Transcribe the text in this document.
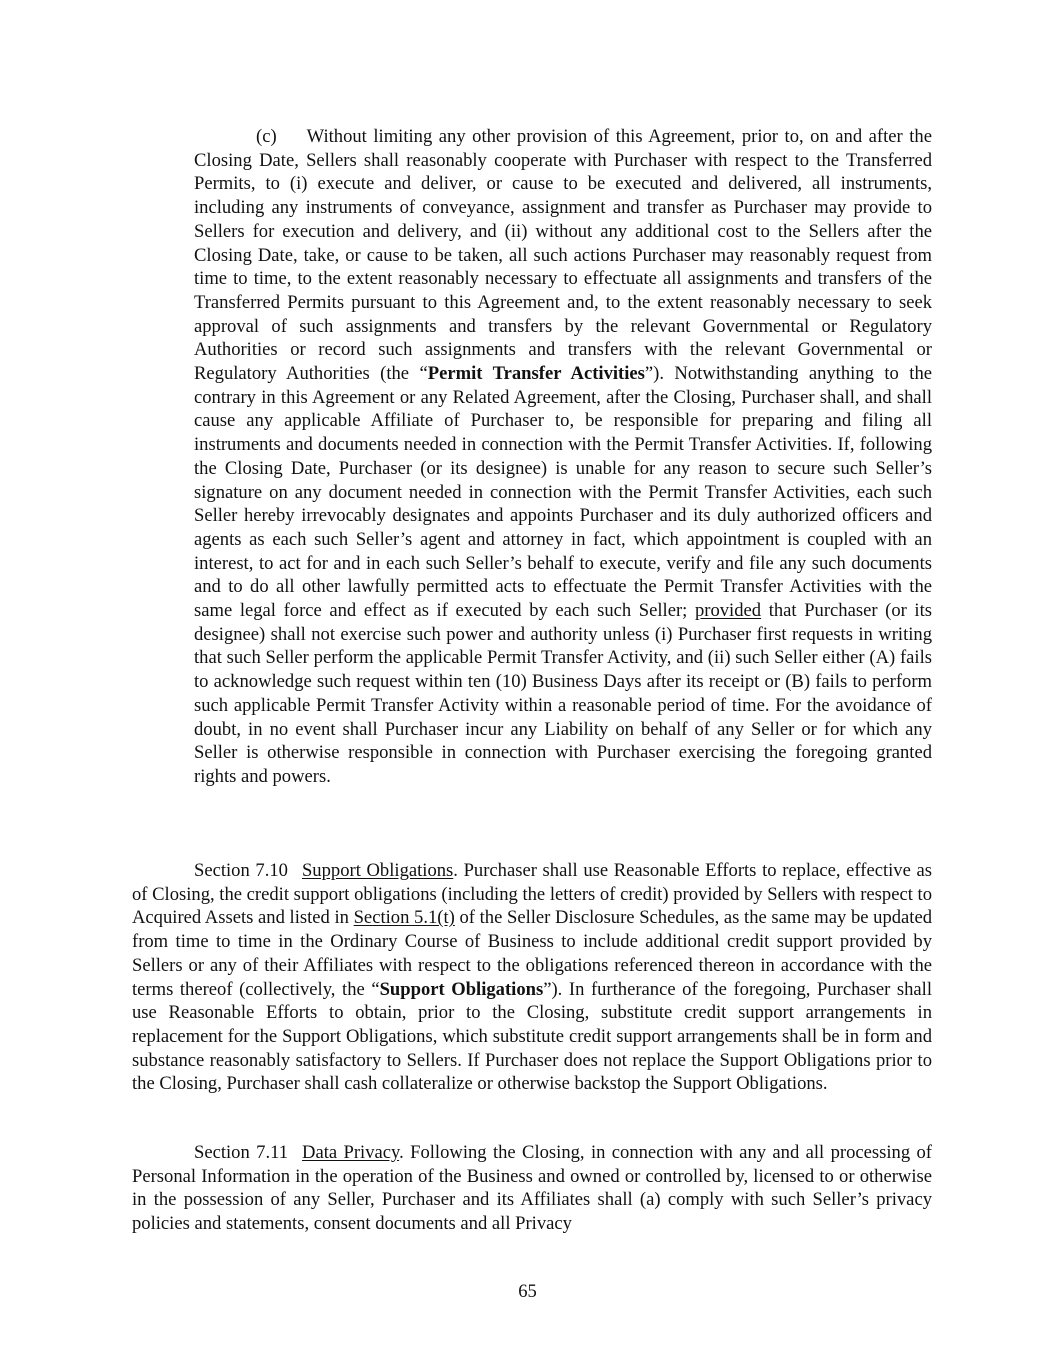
(c) Without limiting any other provision of this Agreement, prior to, on and after the Closing Date, Sellers shall reasonably cooperate with Purchaser with respect to the Transferred Permits, to (i) execute and deliver, or cause to be executed and delivered, all instruments, including any instruments of conveyance, assignment and transfer as Purchaser may provide to Sellers for execution and delivery, and (ii) without any additional cost to the Sellers after the Closing Date, take, or cause to be taken, all such actions Purchaser may reasonably request from time to time, to the extent reasonably necessary to effectuate all assignments and transfers of the Transferred Permits pursuant to this Agreement and, to the extent reasonably necessary to seek approval of such assignments and transfers by the relevant Governmental or Regulatory Authorities or record such assignments and transfers with the relevant Governmental or Regulatory Authorities (the “Permit Transfer Activities”). Notwithstanding anything to the contrary in this Agreement or any Related Agreement, after the Closing, Purchaser shall, and shall cause any applicable Affiliate of Purchaser to, be responsible for preparing and filing all instruments and documents needed in connection with the Permit Transfer Activities. If, following the Closing Date, Purchaser (or its designee) is unable for any reason to secure such Seller’s signature on any document needed in connection with the Permit Transfer Activities, each such Seller hereby irrevocably designates and appoints Purchaser and its duly authorized officers and agents as each such Seller’s agent and attorney in fact, which appointment is coupled with an interest, to act for and in each such Seller’s behalf to execute, verify and file any such documents and to do all other lawfully permitted acts to effectuate the Permit Transfer Activities with the same legal force and effect as if executed by each such Seller; provided that Purchaser (or its designee) shall not exercise such power and authority unless (i) Purchaser first requests in writing that such Seller perform the applicable Permit Transfer Activity, and (ii) such Seller either (A) fails to acknowledge such request within ten (10) Business Days after its receipt or (B) fails to perform such applicable Permit Transfer Activity within a reasonable period of time. For the avoidance of doubt, in no event shall Purchaser incur any Liability on behalf of any Seller or for which any Seller is otherwise responsible in connection with Purchaser exercising the foregoing granted rights and powers.

Section 7.10 Support Obligations. Purchaser shall use Reasonable Efforts to replace, effective as of Closing, the credit support obligations (including the letters of credit) provided by Sellers with respect to Acquired Assets and listed in Section 5.1(t) of the Seller Disclosure Schedules, as the same may be updated from time to time in the Ordinary Course of Business to include additional credit support provided by Sellers or any of their Affiliates with respect to the obligations referenced thereon in accordance with the terms thereof (collectively, the “Support Obligations”). In furtherance of the foregoing, Purchaser shall use Reasonable Efforts to obtain, prior to the Closing, substitute credit support arrangements in replacement for the Support Obligations, which substitute credit support arrangements shall be in form and substance reasonably satisfactory to Sellers. If Purchaser does not replace the Support Obligations prior to the Closing, Purchaser shall cash collateralize or otherwise backstop the Support Obligations.

Section 7.11 Data Privacy. Following the Closing, in connection with any and all processing of Personal Information in the operation of the Business and owned or controlled by, licensed to or otherwise in the possession of any Seller, Purchaser and its Affiliates shall (a) comply with such Seller’s privacy policies and statements, consent documents and all Privacy

65
